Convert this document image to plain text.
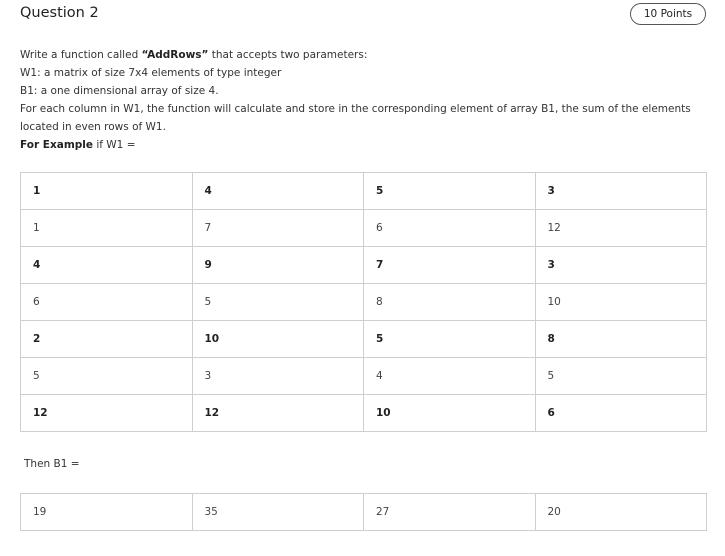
Question 2	10 Points
Write a function called “AddRows” that accepts two parameters:
W1: a matrix of size 7x4 elements of type integer
B1: a one dimensional array of size 4.
For each column in W1, the function will calculate and store in the corresponding element of array B1, the sum of the elements
located in even rows of W1.
For Example if W1 =
1	4	5	3
1	7	6	12
4	9	7	3
6	5	8	10
2	10	5	8
5	3	4	5
12	12	10	6
Then B1 =
19	35	27	20
